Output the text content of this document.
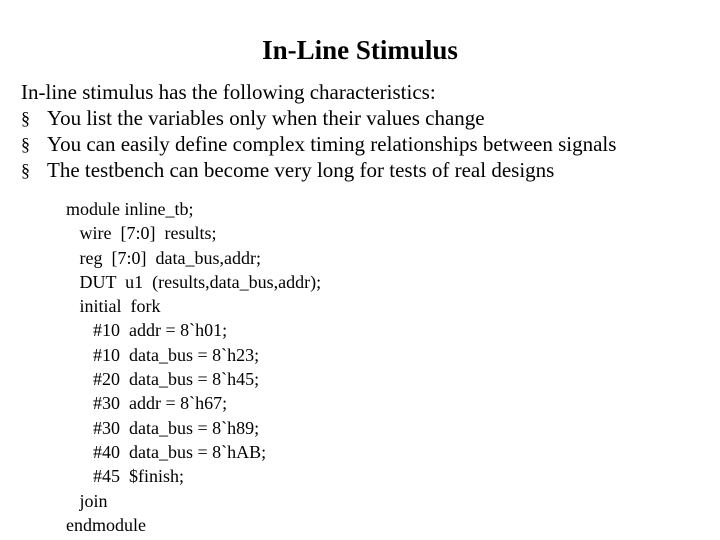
In-Line Stimulus
In-line stimulus has the following characteristics:
§ You list the variables only when their values change
§ You can easily define complex timing relationships between signals
§ The testbench can become very long for tests of real designs
module inline_tb;
wire  [7:0]  results;
reg  [7:0]  data_bus,addr;
DUT  u1  (results,data_bus,addr);
initial  fork
#10  addr = 8`h01;
#10  data_bus = 8`h23;
#20  data_bus = 8`h45;
#30  addr = 8`h67;
#30  data_bus = 8`h89;
#40  data_bus = 8`hAB;
#45  $finish;
join
endmodule
